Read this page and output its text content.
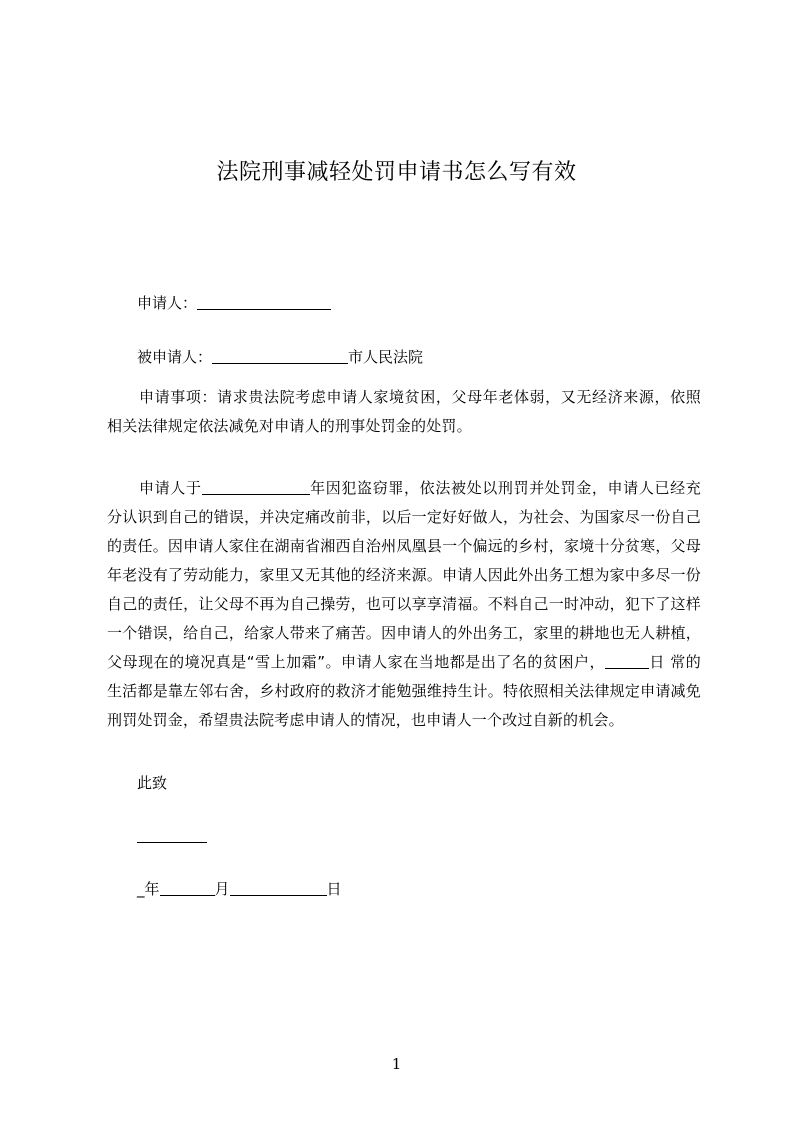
法院刑事减轻处罚申请书怎么写有效
申请人：
被申请人：	市人民法院

申请事项：请求贵法院考虑申请人家境贫困，父母年老体弱，又无经济来源，依照相关法律规定依法减免对申请人的刑事处罚金的处罚。

申请人于	年因犯盗窃罪，依法被处以刑罚并处罚金，申请人已经充分认识到自己的错误，并决定痛改前非，以后一定好好做人，为社会、为国家尽一份自己的责任。因申请人家住在湖南省湘西自治州凤凰县一个偏远的乡村，家境十分贫寒，父母年老没有了劳动能力，家里又无其他的经济来源。申请人因此外出务工想为家中多尽一份自己的责任，让父母不再为自己操劳，也可以享享清福。不料自己一时冲动，犯下了这样一个错误，给自己，给家人带来了痛苦。因申请人的外出务工，家里的耕地也无人耕植，父母现在的境况真是“雪上加霜”。申请人家在当地都是出了名的贫困户，	日 常的生活都是靠左邻右舍，乡村政府的救济才能勉强维持生计。特依照相关法律规定申请减免刑罚处罚金，希望贵法院考虑申请人的情况，也申请人一个改过自新的机会。

此致
_年	月	日
1
